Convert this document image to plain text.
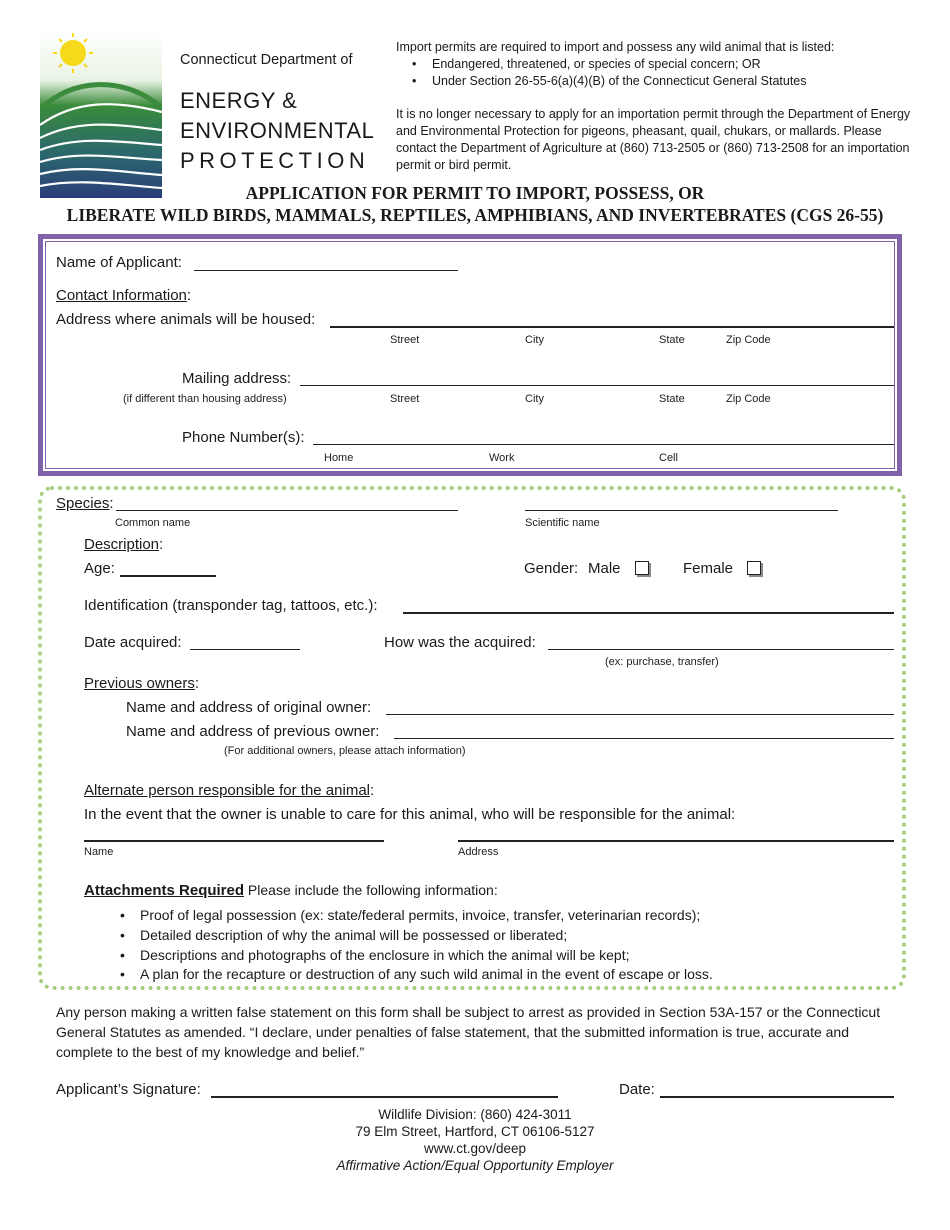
Connecticut Department of
ENERGY &
ENVIRONMENTAL
PROTECTION
Import permits are required to import and possess any wild animal that is listed:
• Endangered, threatened, or species of special concern; OR
• Under Section 26-55-6(a)(4)(B) of the Connecticut General Statutes
It is no longer necessary to apply for an importation permit through the Department of Energy and Environmental Protection for pigeons, pheasant, quail, chukars, or mallards. Please contact the Department of Agriculture at (860) 713-2505 or (860) 713-2508 for an importation permit or bird permit.
APPLICATION FOR PERMIT TO IMPORT, POSSESS, OR
LIBERATE WILD BIRDS, MAMMALS, REPTILES, AMPHIBIANS, AND INVERTEBRATES (CGS 26-55)
Name of Applicant:
Contact Information:
Address where animals will be housed:
Street	City	State	Zip Code
Mailing address:
(if different than housing address)	Street	City	State	Zip Code
Phone Number(s):
Home	Work	Cell
Species:
Common name	Scientific name
Description:
Age:	Gender: Male	Female
Identification (transponder tag, tattoos, etc.):
Date acquired:	How was the acquired:
(ex: purchase, transfer)
Previous owners:
Name and address of original owner:
Name and address of previous owner:
(For additional owners, please attach information)
Alternate person responsible for the animal:
In the event that the owner is unable to care for this animal, who will be responsible for the animal:
Name	Address
Attachments Required Please include the following information:
• Proof of legal possession (ex: state/federal permits, invoice, transfer, veterinarian records);
• Detailed description of why the animal will be possessed or liberated;
• Descriptions and photographs of the enclosure in which the animal will be kept;
• A plan for the recapture or destruction of any such wild animal in the event of escape or loss.
Any person making a written false statement on this form shall be subject to arrest as provided in Section 53A-157 or the Connecticut General Statutes as amended. “I declare, under penalties of false statement, that the submitted information is true, accurate and complete to the best of my knowledge and belief.”
Applicant’s Signature:	Date:
Wildlife Division: (860) 424-3011
79 Elm Street, Hartford, CT 06106-5127
www.ct.gov/deep
Affirmative Action/Equal Opportunity Employer
